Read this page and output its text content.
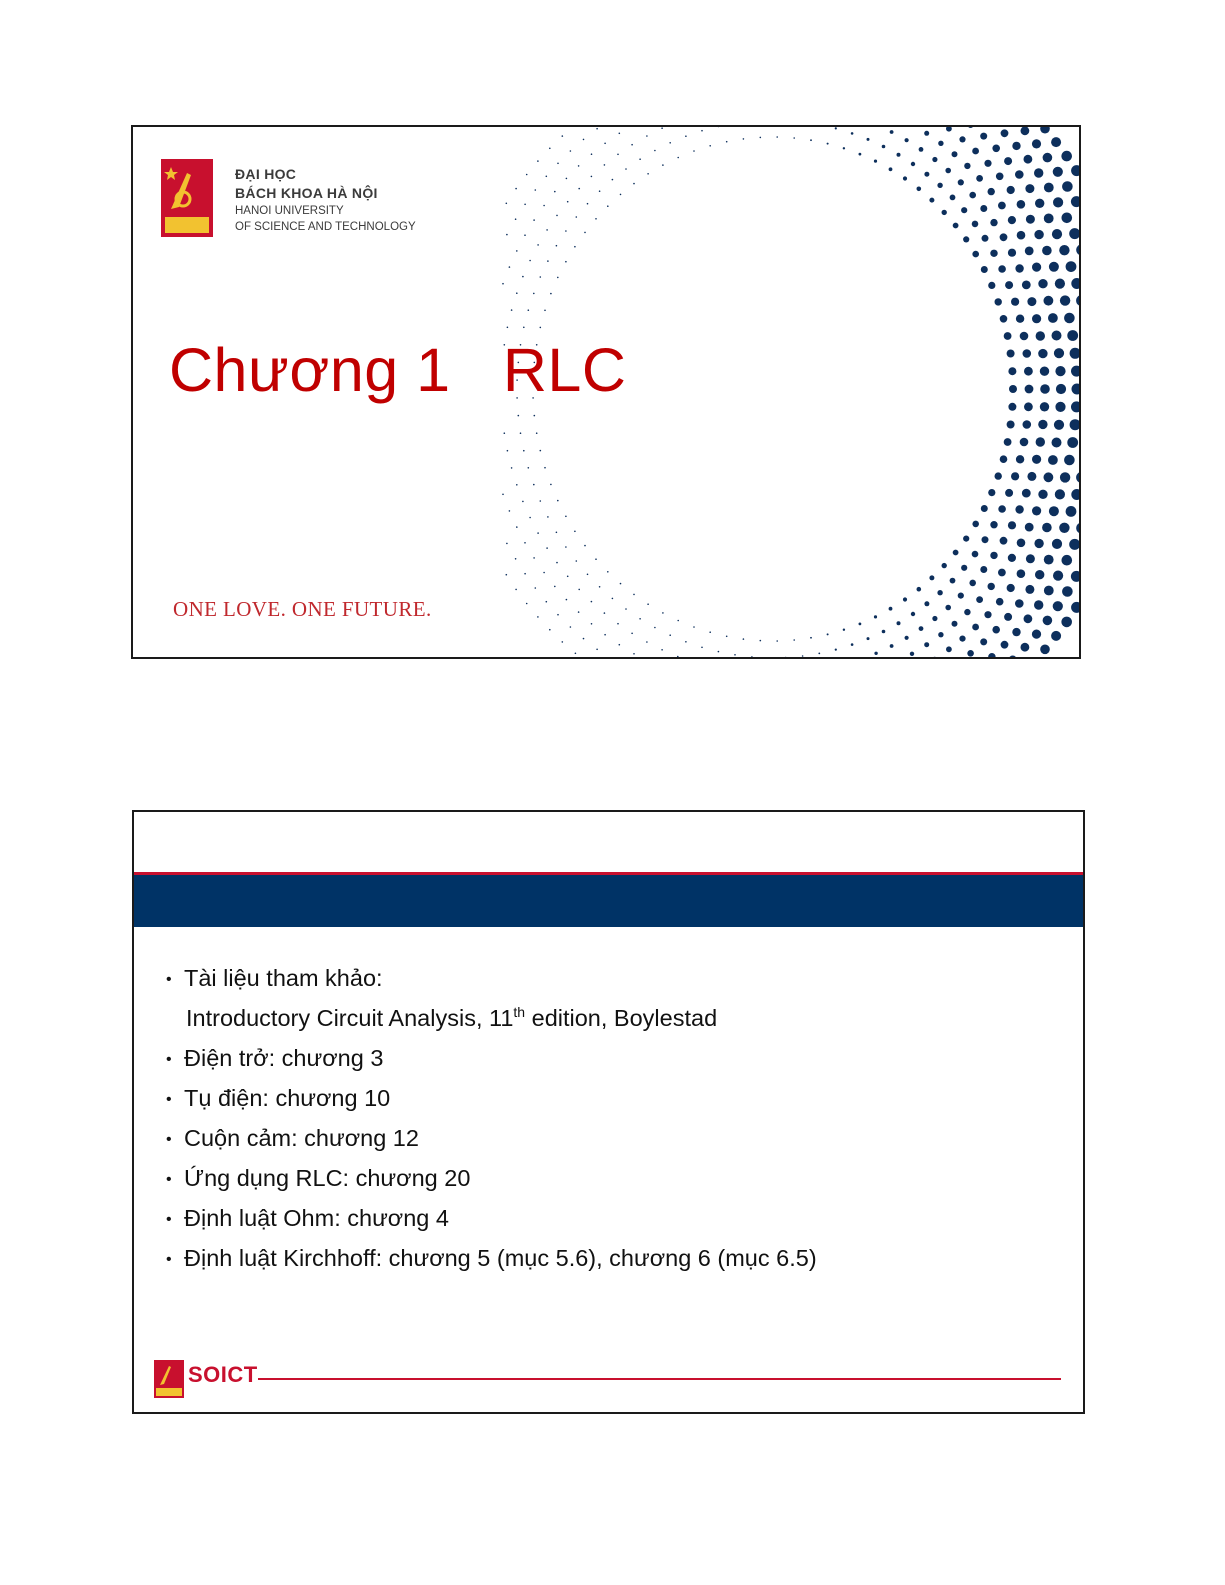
ĐẠI HỌC
BÁCH KHOA HÀ NỘI
HANOI UNIVERSITY
OF SCIENCE AND TECHNOLOGY
Chương 1   RLC
ONE LOVE. ONE FUTURE.
• Tài liệu tham khảo:
Introductory Circuit Analysis, 11th edition, Boylestad
• Điện trở: chương 3
• Tụ điện: chương 10
• Cuộn cảm: chương 12
• Ứng dụng RLC: chương 20
• Định luật Ohm: chương 4
• Định luật Kirchhoff: chương 5 (mục 5.6), chương 6 (mục 6.5)
SOICT
